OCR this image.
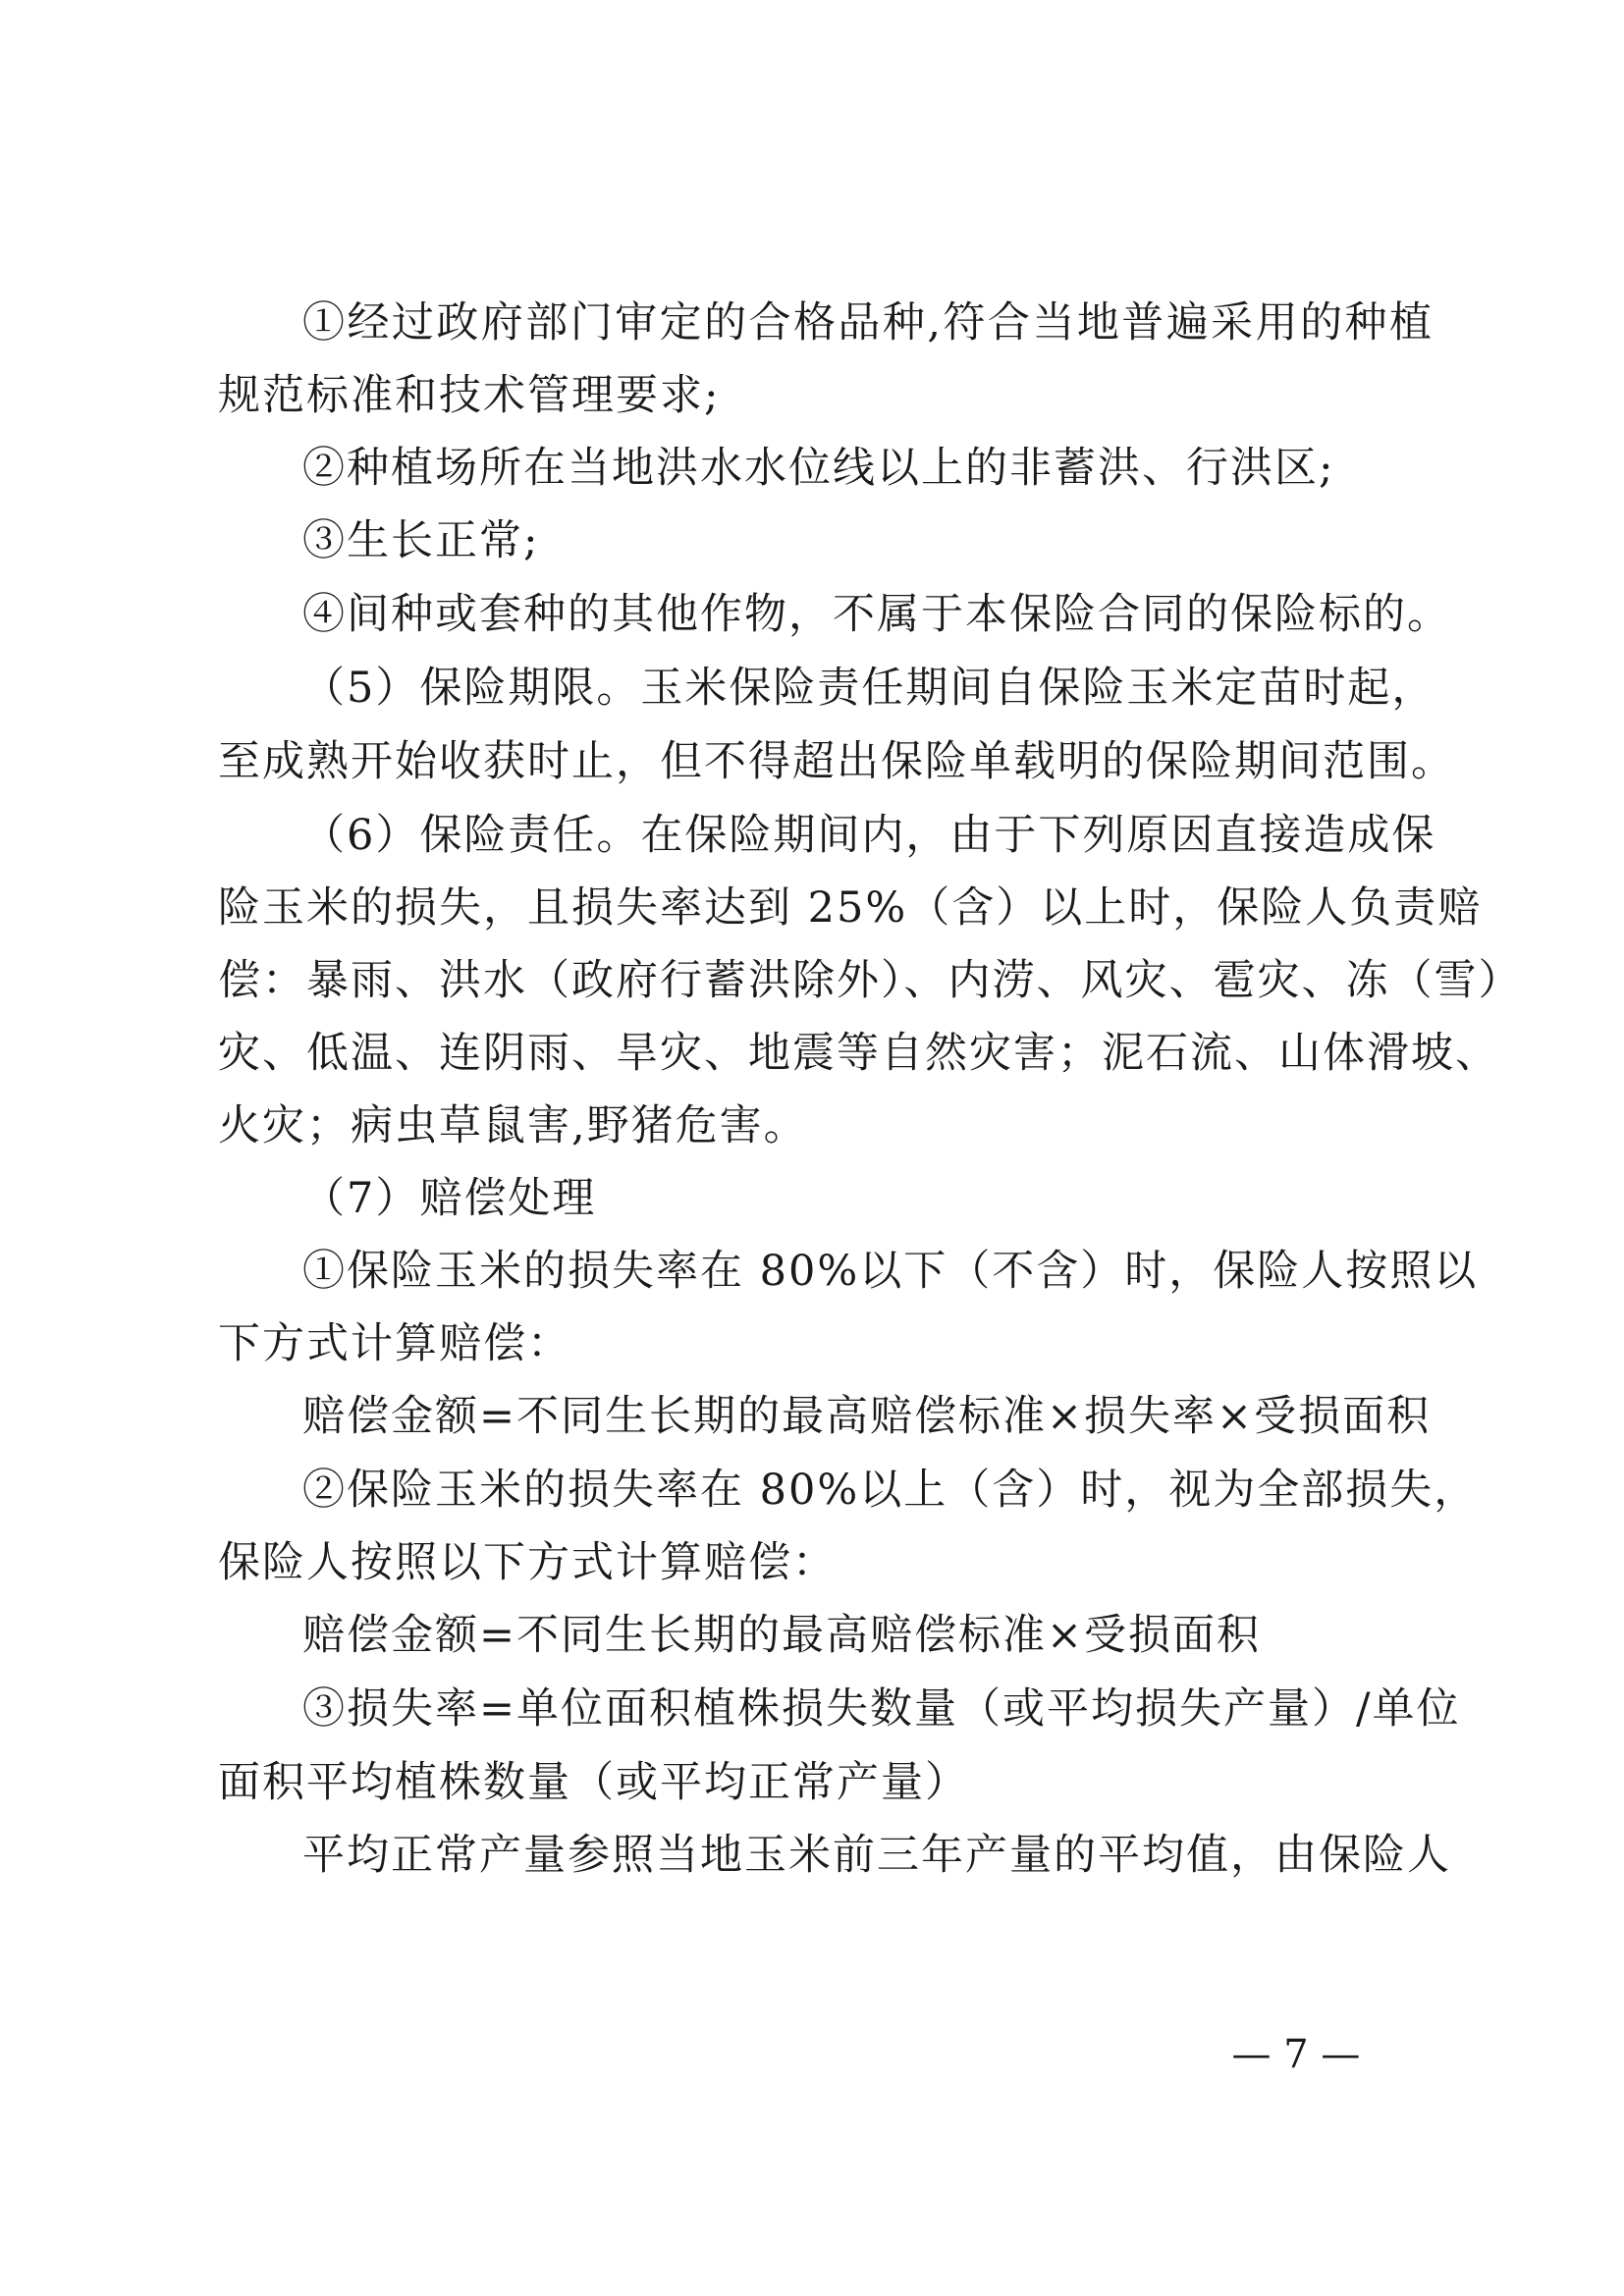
①经过政府部门审定的合格品种,符合当地普遍采用的种植
规范标准和技术管理要求;
②种植场所在当地洪水水位线以上的非蓄洪、行洪区;
③生长正常;
④间种或套种的其他作物，不属于本保险合同的保险标的。
（5）保险期限。玉米保险责任期间自保险玉米定苗时起，
至成熟开始收获时止，但不得超出保险单载明的保险期间范围。
（6）保险责任。在保险期间内，由于下列原因直接造成保
险玉米的损失，且损失率达到 25%（含）以上时，保险人负责赔
偿：暴雨、洪水（政府行蓄洪除外）、内涝、风灾、雹灾、冻（雪）
灾、低温、连阴雨、旱灾、地震等自然灾害；泥石流、山体滑坡、
火灾；病虫草鼠害,野猪危害。
（7）赔偿处理
①保险玉米的损失率在 80%以下（不含）时，保险人按照以
下方式计算赔偿：
赔偿金额=不同生长期的最高赔偿标准×损失率×受损面积
②保险玉米的损失率在 80%以上（含）时，视为全部损失，
保险人按照以下方式计算赔偿：
赔偿金额=不同生长期的最高赔偿标准×受损面积
③损失率=单位面积植株损失数量（或平均损失产量）/单位
面积平均植株数量（或平均正常产量）
平均正常产量参照当地玉米前三年产量的平均值，由保险人
— 7 —
